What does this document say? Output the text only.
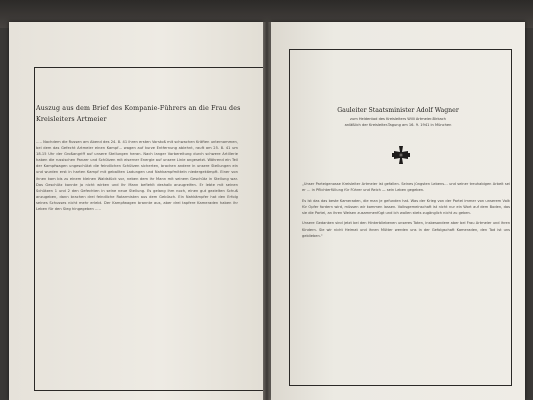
Gauleiter Staatsminister Adolf Wagner
zum Heldentod des Kreisleiters Willi Artmeier-Birkach
anläßlich der Kreisleiter-Tagung am 16. 9. 1941 in München

„Unser Parteigenosse Kreisleiter Artmeier ist gefallen. Seines jüngsten Lebens… und seiner treuhabigen Arbeit sei er … in Pflichterfüllung für Führer und Reich — sein Leben gegeben.

Es ist das das beste Kameraden, die man je gefunden hat. Was der Krieg von der Partei immer von unserem Volk für Opfer fordern wird, müssen wir kommen lassen. Volksgemeinschaft ist nicht nur ein Wort auf dem Boden, das sie die Partei, an ihren Weisen zusammenfügt und ich wollen stets zugänglich nicht zu geben.

Unsere Gedanken sind jetzt bei den Hinterbliebenen unseres Toten, insbesondere aber bei Frau Artmeier und ihren Kindern. Sie wir nicht Heimat und ihnen Mütter werden uns in der Gefolgschaft Kameraden, den Tod ist uns geblieben."

Auszug aus dem Brief des Kompanie-Führers an die Frau des Kreisleiters Artmeier
..... Nachdem die Russen am Abend des 24. 8. 41 ihren ersten Vorstoß mit schwachen Kräften unternommen, bei dem das Gefecht Artmeier einen Kampf… wagen auf kurze Entfernung ablehnt, rauft am 25. 8. 41 um 18.15 Uhr der Großangriff auf unsere Stellungen heran. Nach langer Vorbereitung durch schwere Artillerie haben die russischen Panzer und Schützen mit eiserner Energie auf unsere Linie angesetzt. Während ein Teil der Kampfwagen ungeschützt die feindlichen Schützen sicherten, brachen andere in unsere Stellungen ein und wurden erst in harten Kampf mit geballten Ladungen und Nahkampfmitteln niedergekämpft. Einer von ihnen kam bis zu einem kleinen Waldstück vor, neben dem ihr Mann mit seinem Geschütz in Stellung war. Das Geschütz konnte ja nicht wirken und Ihr Mann befiehlt deshalb anzugreifen. Er lebte mit seinen Schützen 1 und 2 den Gefechten in seine neue Stellung. Es gelang ihm noch, einen gut gezielten Schuß anzugeben, dann brachen drei feindliche Rotarmisten aus dem Gebüsch. Ein Nahkämpfer hat den Erfolg seines Schusses nicht mehr erlebt. Der Kampfwagen brannte aus, aber drei tapfere Kameraden haben ihr Leben für den Sieg hingegeben .....
